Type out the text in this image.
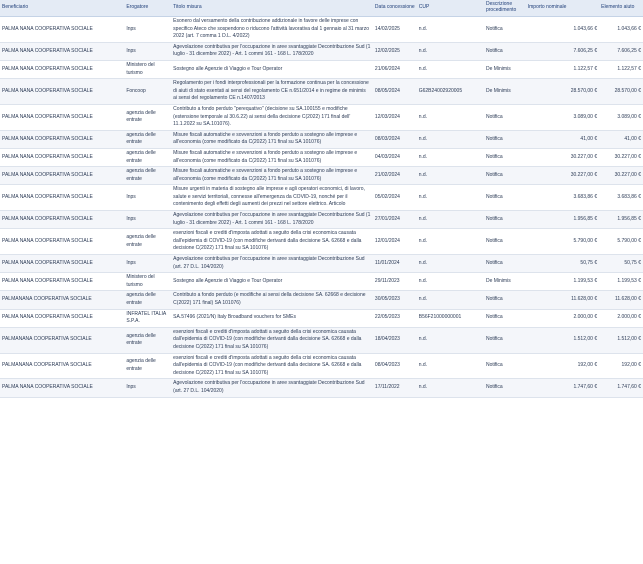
Beneficiario	Erogatore	Titolo misura	Data concessione	CUP	Descrizione procedimento	Importo nominale	Elemento aiuto
PALMA NANA COOPERATIVA SOCIALE	Inps	Esonero dal versamento della contribuzione addizionale in favore delle imprese con specifico Ateco che sospendono o riducono l'attività lavorativa dal 1 gennaio al 31 marzo 2022 (art. 7 comma 1 D.L. 4/2022)	14/02/2025	n.d.	Notifica	1.043,66 €	1.043,66 €
PALMA NANA COOPERATIVA SOCIALE	Inps	Agevolazione contributiva per l'occupazione in aree svantaggiate Decontribuzione Sud (1 luglio - 31 dicembre 2022) - Art. 1 commi 161 - 168 L. 178/2020	12/02/2025	n.d.	Notifica	7.606,25 €	7.606,25 €
PALMA NANA COOPERATIVA SOCIALE	Ministero del turismo	Sostegno alle Agenzie di Viaggio e Tour Operator	21/06/2024	n.d.	De Minimis	1.122,57 €	1.122,57 €
PALMA NANA COOPERATIVA SOCIALE	Foncoop	Regolamento per i fondi interprofessionali per la formazione continua per la concessione di aiuti di stato esentati ai sensi del regolamento CE n.651/2014 e in regime de minimis ai sensi del regolamento CE n.1407/2013	08/05/2024	G62B24002920005	De Minimis	28.570,00 €	28.570,00 €
PALMA NANA COOPERATIVA SOCIALE	agenzia delle entrate	Contributo a fondo perduto "perequativo" (decisione su SA.100155 e modifiche (estensione temporale al 30.6.22) ai sensi della decisione C(2022) 171 final dell' 11.1.2022 su SA.101076).	12/03/2024	n.d.	Notifica	3.089,00 €	3.089,00 €
PALMA NANA COOPERATIVA SOCIALE	agenzia delle entrate	Misure fiscali automatiche e sovvenzioni a fondo perduto a sostegno alle imprese e all'economia (come modificato da C(2022) 171 final su SA 101076)	08/03/2024	n.d.	Notifica	41,00 €	41,00 €
PALMA NANA COOPERATIVA SOCIALE	agenzia delle entrate	Misure fiscali automatiche e sovvenzioni a fondo perduto a sostegno alle imprese e all'economia (come modificato da C(2022) 171 final su SA 101076)	04/03/2024	n.d.	Notifica	30.227,00 €	30.227,00 €
PALMA NANA COOPERATIVA SOCIALE	agenzia delle entrate	Misure fiscali automatiche e sovvenzioni a fondo perduto a sostegno alle imprese e all'economia (come modificato da C(2022) 171 final su SA 101076)	21/02/2024	n.d.	Notifica	30.227,00 €	30.227,00 €
PALMA NANA COOPERATIVA SOCIALE	Inps	Misure urgenti in materia di sostegno alle imprese e agli operatori economici, di lavoro, salute e servizi territoriali, connesse all'emergenza da COVID-19, nonché per il contenimento degli effetti degli aumenti dei prezzi nel settore elettrico. Articolo	05/02/2024	n.d.	Notifica	3.683,86 €	3.683,86 €
PALMA NANA COOPERATIVA SOCIALE	Inps	Agevolazione contributiva per l'occupazione in aree svantaggiate Decontribuzione Sud (1 luglio - 31 dicembre 2022) - Art. 1 commi 161 - 168 L. 178/2020	27/01/2024	n.d.	Notifica	1.956,85 €	1.956,85 €
PALMA NANA COOPERATIVA SOCIALE	agenzia delle entrate	esenzioni fiscali e crediti d'imposta adottati a seguito della crisi economica causata dall'epidemia di COVID-19 (con modifiche derivanti dalla decisione SA. 62668 e dalla decisione C(2022) 171 final su SA 101076)	12/01/2024	n.d.	Notifica	5.790,00 €	5.790,00 €
PALMA NANA COOPERATIVA SOCIALE	Inps	Agevolazione contributiva per l'occupazione in aree svantaggiate Decontribuzione Sud (art. 27 D.L. 104/2020)	11/01/2024	n.d.	Notifica	50,75 €	50,75 €
PALMA NANA COOPERATIVA SOCIALE	Ministero del turismo	Sostegno alle Agenzie di Viaggio e Tour Operator	29/11/2023	n.d.	De Minimis	1.199,53 €	1.199,53 €
PALMANANA COOPERATIVA SOCIALE	agenzia delle entrate	Contributo a fondo perduto (e modifiche ai sensi della decisione SA. 62668 e decisione C(2022) 171 final) SA 101076)	30/05/2023	n.d.	Notifica	11.628,00 €	11.628,00 €
PALMA NANA COOPERATIVA SOCIALE	INFRATEL ITALIA S.P.A.	SA.57496 (2021/N) Italy Broadband vouchers for SMEs	22/05/2023	B56F21000000001	Notifica	2.000,00 €	2.000,00 €
PALMANANA COOPERATIVA SOCIALE	agenzia delle entrate	esenzioni fiscali e crediti d'imposta adottati a seguito della crisi economica causata dall'epidemia di COVID-19 (con modifiche derivanti dalla decisione SA. 62668 e dalla decisione C(2022) 171 final su SA 101076)	18/04/2023	n.d.	Notifica	1.512,00 €	1.512,00 €
PALMANANA COOPERATIVA SOCIALE	agenzia delle entrate	esenzioni fiscali e crediti d'imposta adottati a seguito della crisi economica causata dall'epidemia di COVID-19 (con modifiche derivanti dalla decisione SA. 62668 e dalla decisione C(2022) 171 final su SA 101076)	08/04/2023	n.d.	Notifica	192,00 €	192,00 €
PALMA NANA COOPERATIVA SOCIALE	Inps	Agevolazione contributiva per l'occupazione in aree svantaggiate Decontribuzione Sud (art. 27 D.L. 104/2020)	17/11/2022	n.d.	Notifica	1.747,60 €	1.747,60 €
